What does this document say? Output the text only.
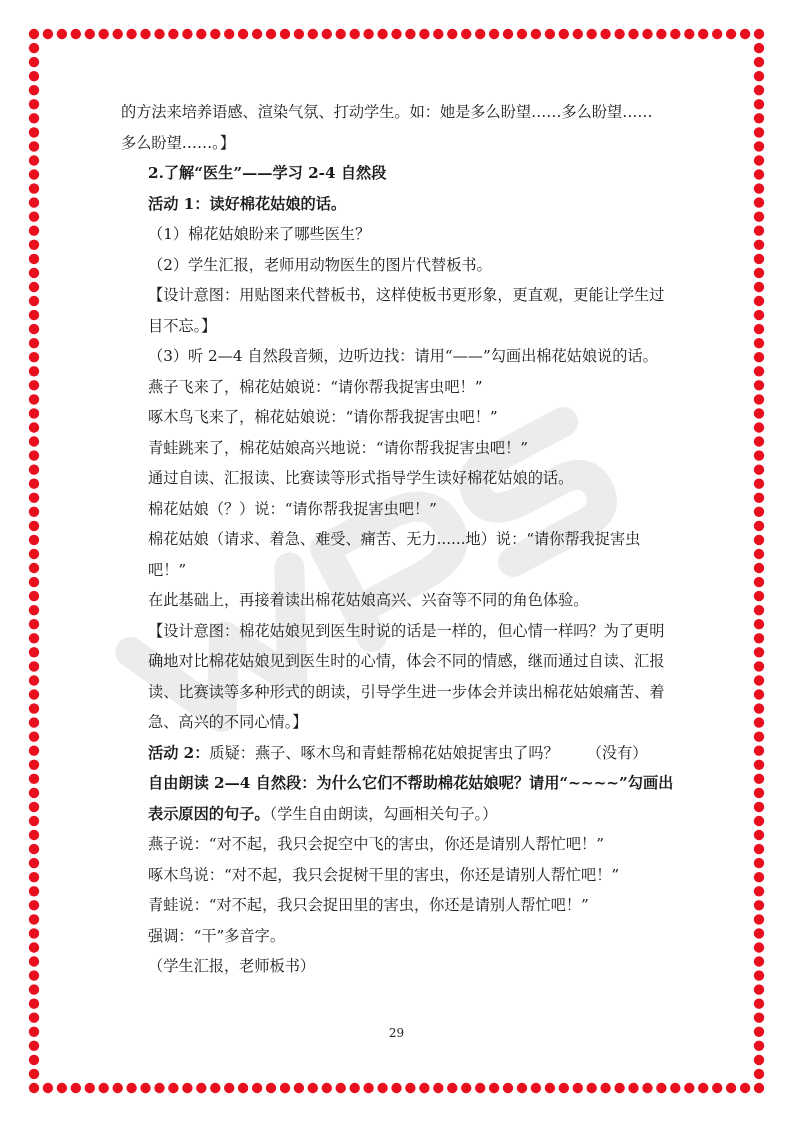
的方法来培养语感、渲染气氛、打动学生。如：她是多么盼望……多么盼望……

多么盼望……。】

2.了解“医生”——学习 2-4 自然段

活动 1：读好棉花姑娘的话。

（1）棉花姑娘盼来了哪些医生？

（2）学生汇报，老师用动物医生的图片代替板书。

【设计意图：用贴图来代替板书，这样使板书更形象，更直观，更能让学生过目不忘。】

（3）听 2—4 自然段音频，边听边找：请用“——”勾画出棉花姑娘说的话。

燕子飞来了，棉花姑娘说：“请你帮我捉害虫吧！”

啄木鸟飞来了，棉花姑娘说：“请你帮我捉害虫吧！”

青蛙跳来了，棉花姑娘高兴地说：“请你帮我捉害虫吧！”

通过自读、汇报读、比赛读等形式指导学生读好棉花姑娘的话。

棉花姑娘（？）说：“请你帮我捉害虫吧！”

棉花姑娘（请求、着急、难受、痛苦、无力......地）说：“请你帮我捉害虫吧！”

在此基础上，再接着读出棉花姑娘高兴、兴奋等不同的角色体验。

【设计意图：棉花姑娘见到医生时说的话是一样的，但心情一样吗？为了更明确地对比棉花姑娘见到医生时的心情，体会不同的情感，继而通过自读、汇报读、比赛读等多种形式的朗读，引导学生进一步体会并读出棉花姑娘痛苦、着急、高兴的不同心情。】

活动 2：质疑：燕子、啄木鸟和青蛙帮棉花姑娘捉害虫了吗？ （没有）

自由朗读 2—4 自然段：为什么它们不帮助棉花姑娘呢？请用“~~~~”勾画出表示原因的句子。（学生自由朗读，勾画相关句子。）

燕子说：“对不起，我只会捉空中飞的害虫，你还是请别人帮忙吧！”

啄木鸟说：“对不起，我只会捉树干里的害虫，你还是请别人帮忙吧！”

青蛙说：“对不起，我只会捉田里的害虫，你还是请别人帮忙吧！”

强调：“干”多音字。

（学生汇报，老师板书）

29
